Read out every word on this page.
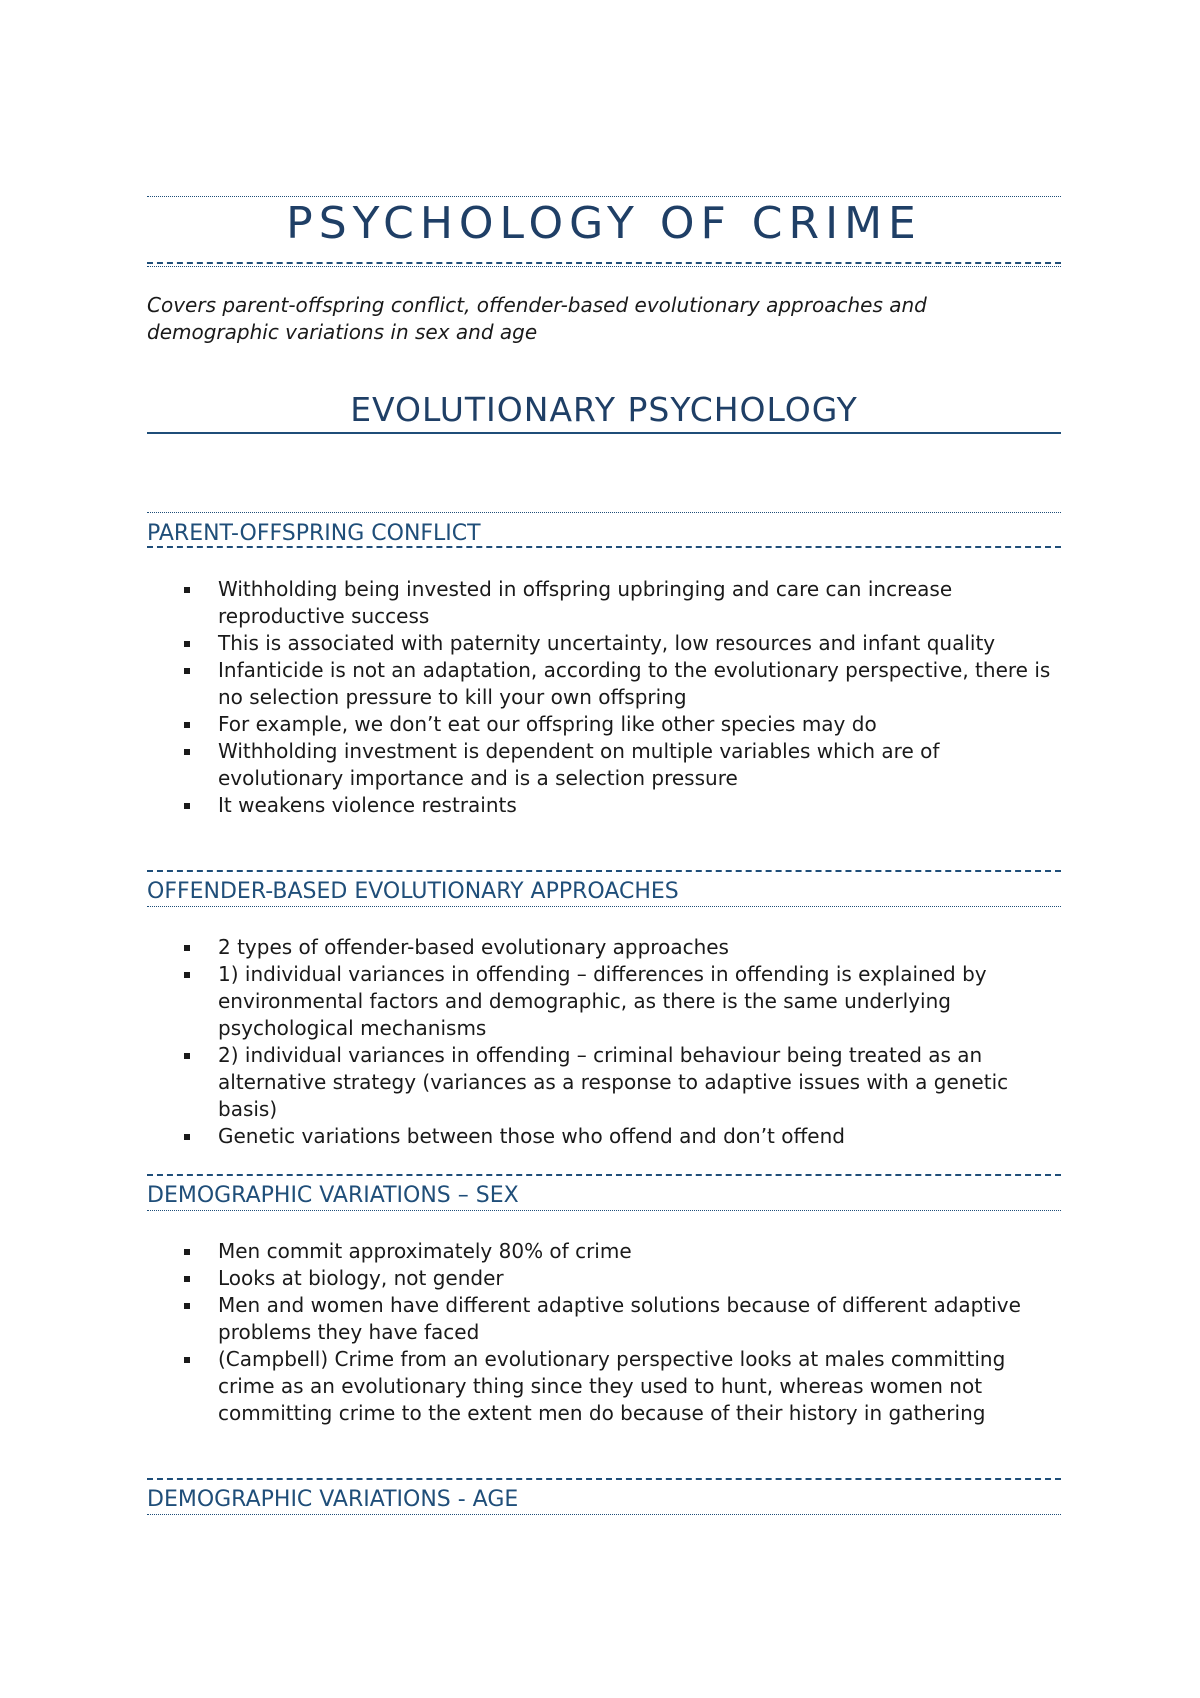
PSYCHOLOGY OF CRIME

Covers parent-offspring conflict, offender-based evolutionary approaches and demographic variations in sex and age

EVOLUTIONARY PSYCHOLOGY
PARENT-OFFSPRING CONFLICT
Withholding being invested in offspring upbringing and care can increase reproductive success
This is associated with paternity uncertainty, low resources and infant quality
Infanticide is not an adaptation, according to the evolutionary perspective, there is no selection pressure to kill your own offspring
For example, we don’t eat our offspring like other species may do
Withholding investment is dependent on multiple variables which are of evolutionary importance and is a selection pressure
It weakens violence restraints
OFFENDER-BASED EVOLUTIONARY APPROACHES
2 types of offender-based evolutionary approaches
1) individual variances in offending – differences in offending is explained by environmental factors and demographic, as there is the same underlying psychological mechanisms
2) individual variances in offending – criminal behaviour being treated as an alternative strategy (variances as a response to adaptive issues with a genetic basis)
Genetic variations between those who offend and don’t offend
DEMOGRAPHIC VARIATIONS – SEX
Men commit approximately 80% of crime
Looks at biology, not gender
Men and women have different adaptive solutions because of different adaptive problems they have faced
(Campbell) Crime from an evolutionary perspective looks at males committing crime as an evolutionary thing since they used to hunt, whereas women not committing crime to the extent men do because of their history in gathering
DEMOGRAPHIC VARIATIONS - AGE
